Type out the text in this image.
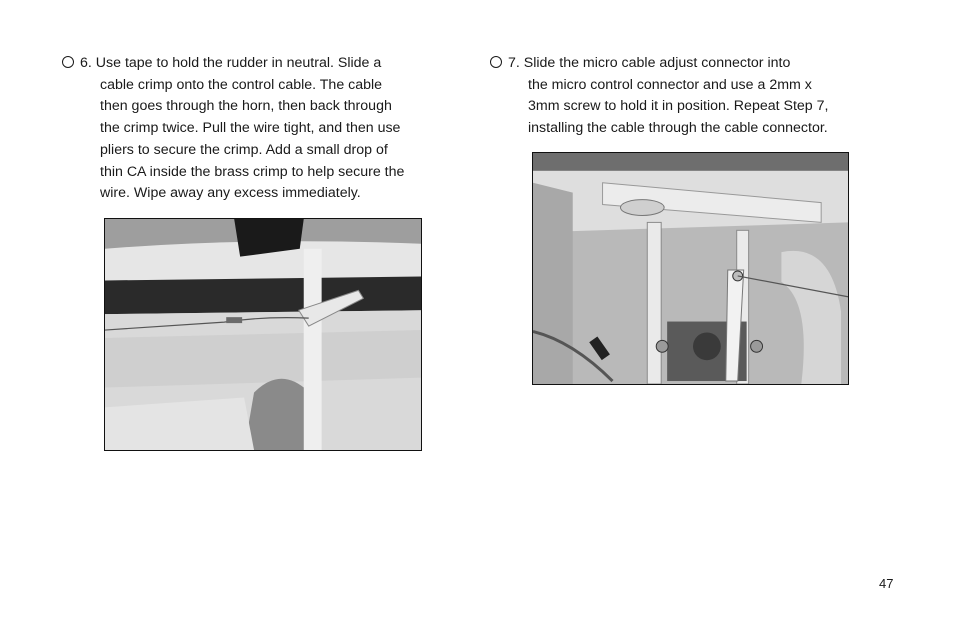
6. Use tape to hold the rudder in neutral. Slide a
cable crimp onto the control cable. The cable
then goes through the horn, then back through
the crimp twice. Pull the wire tight, and then use
pliers to secure the crimp. Add a small drop of
thin CA inside the brass crimp to help secure the
wire. Wipe away any excess immediately.
7. Slide the micro cable adjust connector into
the micro control connector and use a 2mm x
3mm screw to hold it in position. Repeat Step 7,
installing the cable through the cable connector.
47
